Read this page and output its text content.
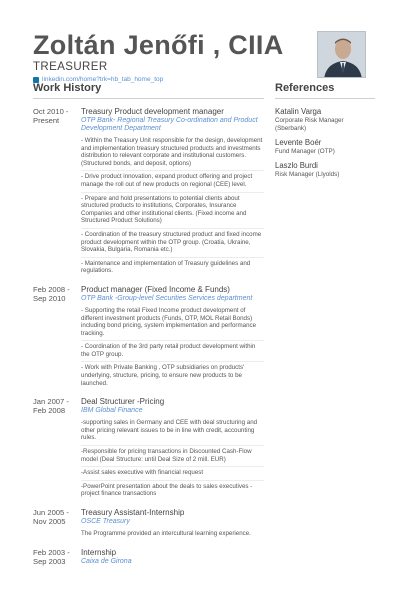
Zoltán Jenőfi , CIIA
TREASURER
linkedin.com/home?trk=hb_tab_home_top
Work History
Oct 2010 -
Present
Treasury Product development manager
OTP Bank- Regional Treasury Co-ordination and Product Development Department
- Within the Treasury Unit responsible for the design, development and implementation treasury structured products and investments distribution to relevant corporate and institutional customers.(Structured bonds, and deposit, options)
- Drive product innovation, expand product offering and project manage the roll out of new products on regional (CEE) level.
- Prepare and hold presentations to potential clients about structured products to institutions, Corporates, Insurance Companies and other institutional clients. (Fixed income and Structured Product Solutions)
- Coordination of the treasury structured product and fixed income product development within the OTP group. (Croatia, Ukraine, Slovakia, Bulgaria, Romania etc.)
- Maintenance and implementation of Treasury guidelines and regulations.
Feb 2008 -
Sep 2010
Product manager (Fixed Income & Funds)
OTP Bank -Group-level Securities Services department
- Supporting the retail Fixed Income product development of different investment products (Funds, OTP, MOL Retail Bonds) including bond pricing, system implementation and performance tracking.
- Coordination of the 3rd party retail product development within the OTP group.
- Work with Private Banking , OTP subsidiaries on products' underlying, structure, pricing, to ensure new products to be launched.
Jan 2007 -
Feb 2008
Deal Structurer -Pricing
IBM Global Finance
-supporting sales in Germany and CEE with deal structuring and other pricing relevant issues to be in line with credit, accounting rules.
-Responsible for pricing transactions in Discounted Cash-Flow model (Deal Structure: until Deal Size of 2 mill. EUR)
-Assist sales executive with financial request
-PowerPoint presentation about the deals to sales executives -project finance transactions
Jun 2005 -
Nov 2005
Treasury Assistant-Internship
OSCE Treasury
The Programme provided an intercultural learning experience.
Feb 2003 -
Sep 2003
Internship
Caixa de Girona
References
Katalin Varga
Corporate Risk Manager (Sberbank)
Levente Boér
Fund Manager (OTP)
Laszlo Burdi
Risk Manager (Llyolds)
